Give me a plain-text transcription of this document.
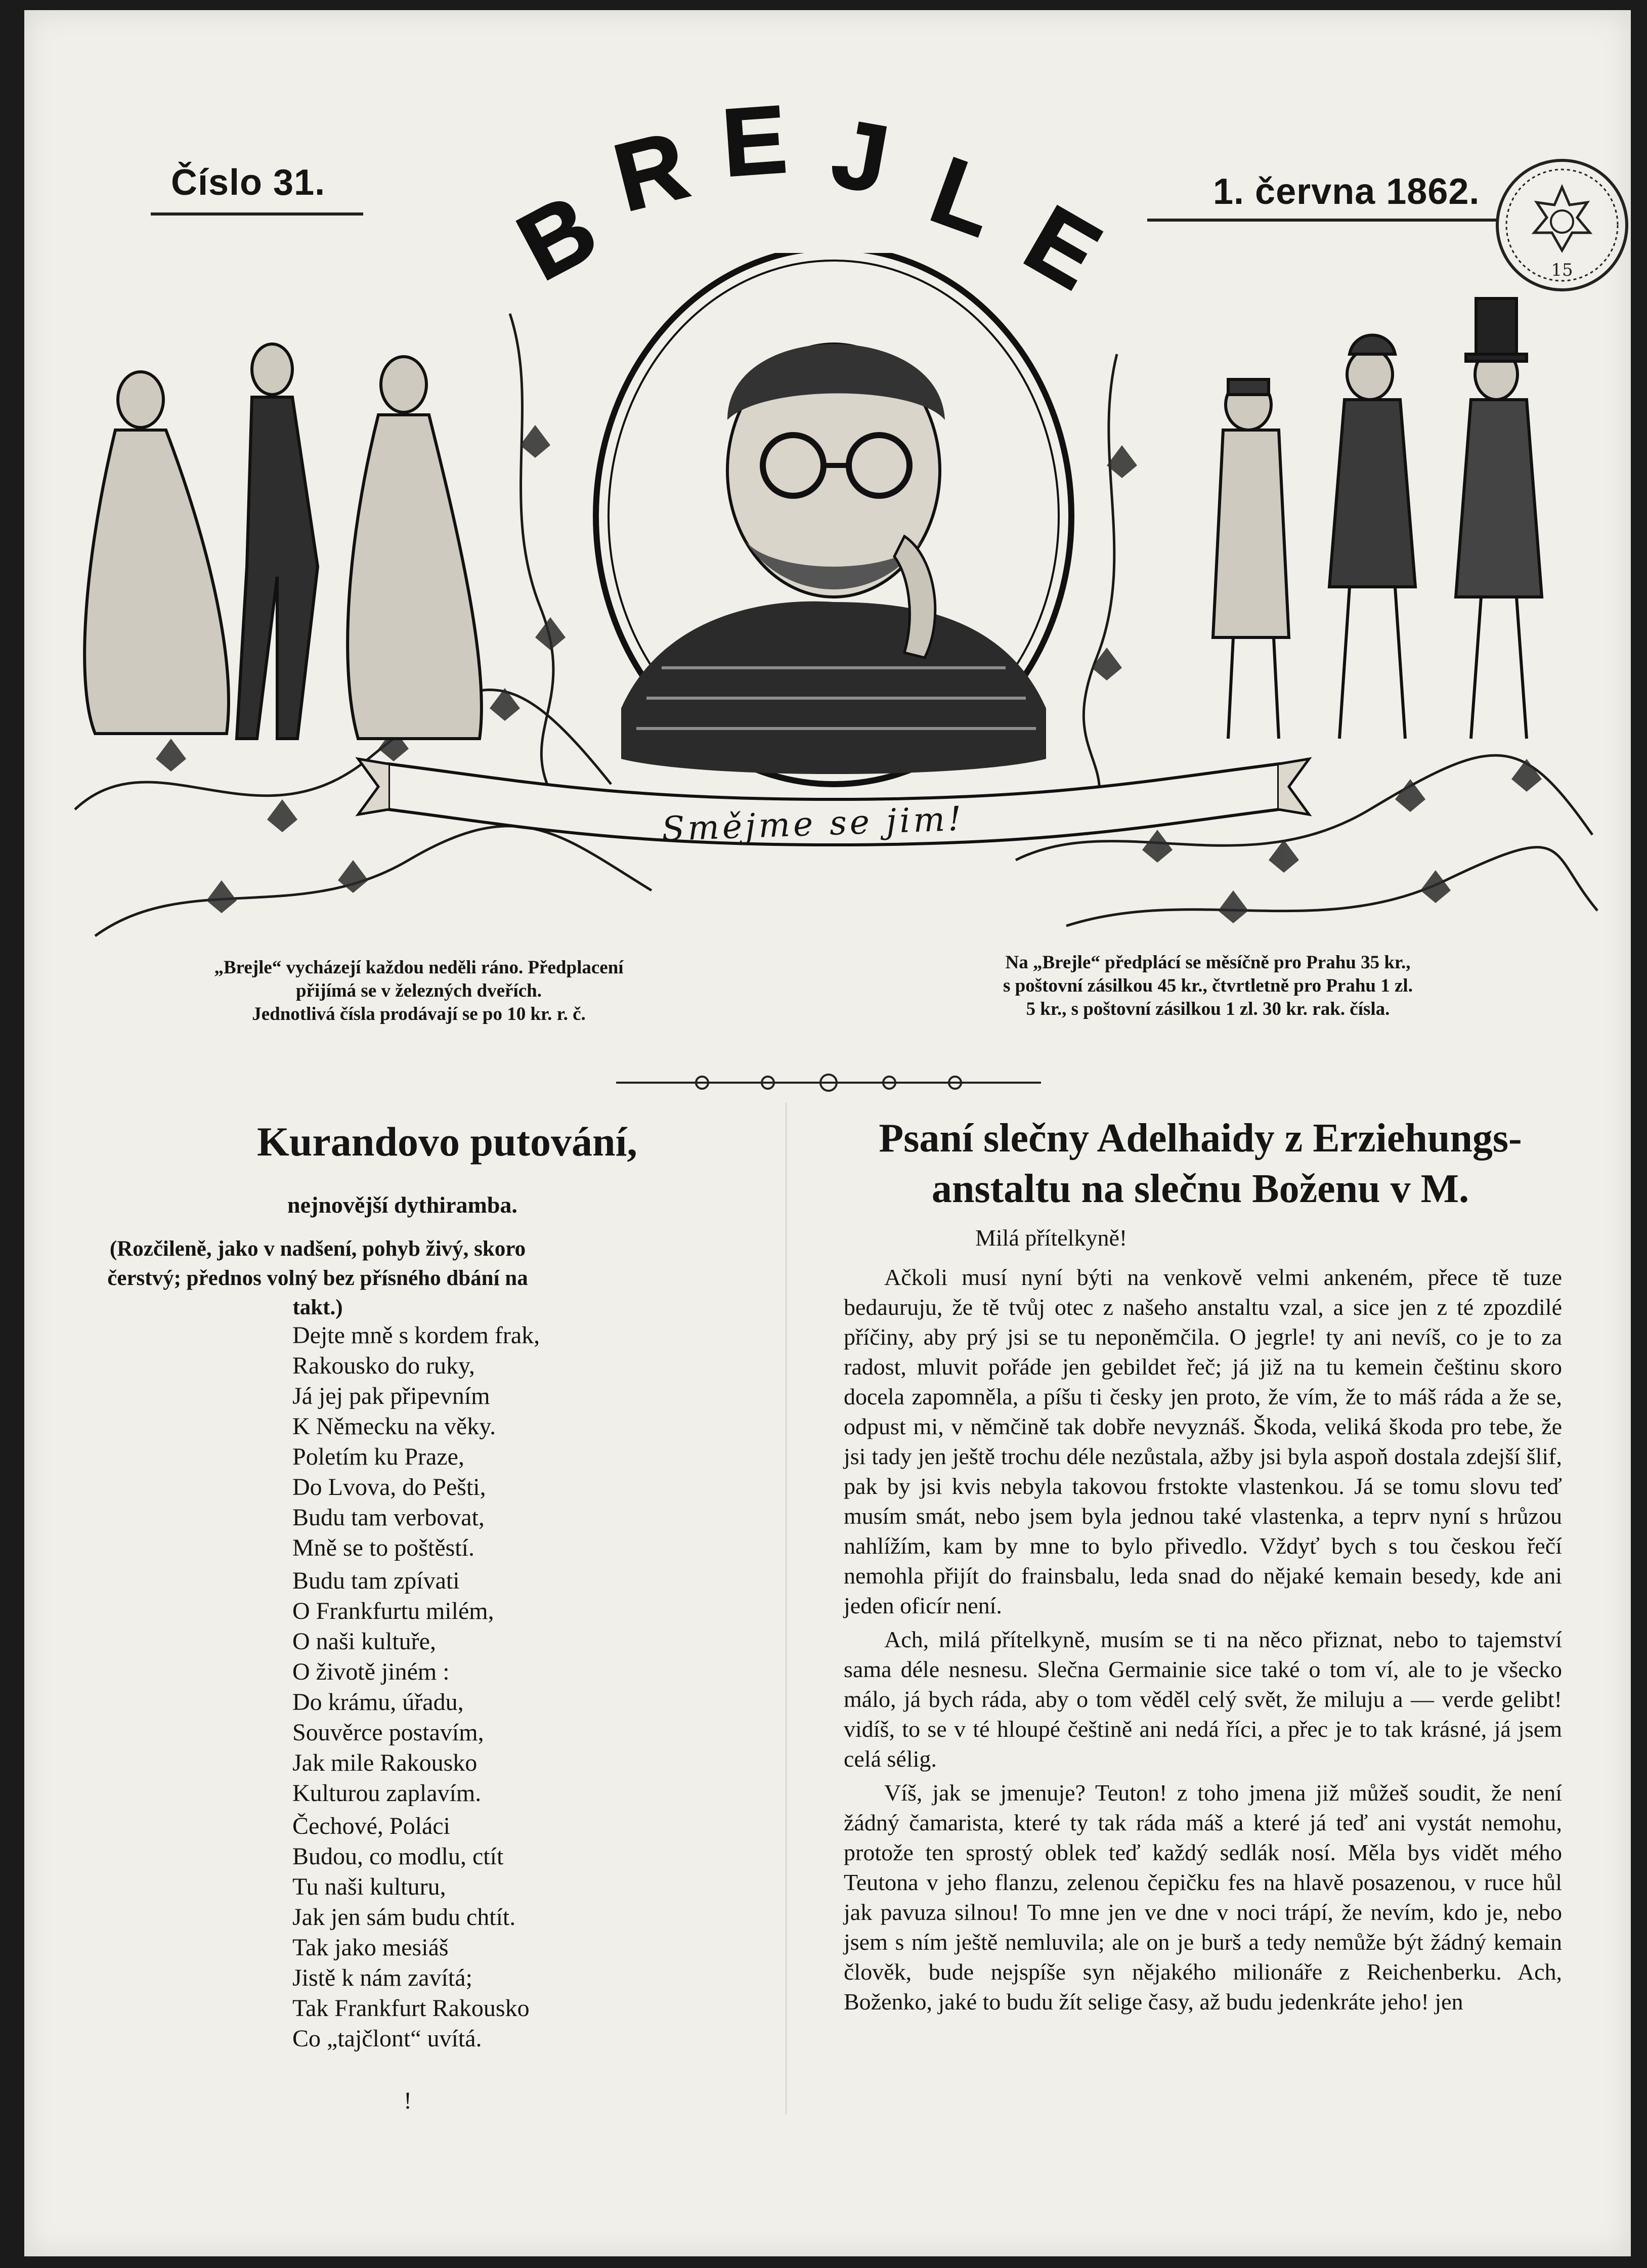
Číslo 31.	1. června 1862.
B
R E J L
E	15
Smějme se jim!
„Brejle“ vycházejí každou neděli ráno. Předplacení
přijímá se v železných dveřích.
Jednotlivá čísla prodávají se po 10 kr. r. č.
Na „Brejle“ předplácí se měsíčně pro Prahu 35 kr.,
s poštovní zásilkou 45 kr., čtvrtletně pro Prahu 1 zl.
5 kr., s poštovní zásilkou 1 zl. 30 kr. rak. čísla.
Kurandovo putování,
nejnovější dythiramba.
(Rozčileně, jako v nadšení, pohyb živý, skoro čerstvý; přednos volný bez přísného dbání na takt.)
Dejte mně s kordem frak,
Rakousko do ruky,
Já jej pak připevním
K Německu na věky.
Poletím ku Praze,
Do Lvova, do Pešti,
Budu tam verbovat,
Mně se to poštěstí.
Budu tam zpívati
O Frankfurtu milém,
O naši kultuře,
O životě jiném :
Do krámu, úřadu,
Souvěrce postavím,
Jak mile Rakousko
Kulturou zaplavím.
Čechové, Poláci
Budou, co modlu, ctít
Tu naši kulturu,
Jak jen sám budu chtít.
Tak jako mesiáš
Jistě k nám zavítá;
Tak Frankfurt Rakousko
Co „tajčlont“ uvítá.
!
Psaní slečny Adelhaidy z Erziehungs-anstaltu na slečnu Boženu v M.
Milá přítelkyně!

Ačkoli musí nyní býti na venkově velmi ankeném, přece tě tuze bedauruju, že tě tvůj otec z našeho anstaltu vzal, a sice jen z té zpozdilé příčiny, aby prý jsi se tu neponěmčila. O jegrle! ty ani nevíš, co je to za radost, mluvit pořáde jen gebildet řeč; já již na tu kemein češtinu skoro docela zapomněla, a píšu ti česky jen proto, že vím, že to máš ráda a že se, odpust mi, v němčině tak dobře nevyznáš. Škoda, veliká škoda pro tebe, že jsi tady jen ještě trochu déle nezůstala, ažby jsi byla aspoň dostala zdejší šlif, pak by jsi kvis nebyla takovou frstokte vlastenkou. Já se tomu slovu teď musím smát, nebo jsem byla jednou také vlastenka, a teprv nyní s hrůzou nahlížím, kam by mne to bylo přivedlo. Vždyť bych s tou českou řečí nemohla přijít do frainsbalu, leda snad do nějaké kemain besedy, kde ani jeden oficír není.

Ach, milá přítelkyně, musím se ti na něco přiznat, nebo to tajemství sama déle nesnesu. Slečna Germainie sice také o tom ví, ale to je všecko málo, já bych ráda, aby o tom věděl celý svět, že miluju a — verde gelibt! vidíš, to se v té hloupé češtině ani nedá říci, a přec je to tak krásné, já jsem celá sélig.

Víš, jak se jmenuje? Teuton! z toho jmena již můžeš soudit, že není žádný čamarista, které ty tak ráda máš a které já teď ani vystát nemohu, protože ten sprostý oblek teď každý sedlák nosí. Měla bys vidět mého Teutona v jeho flanzu, zelenou čepičku fes na hlavě posazenou, v ruce hůl jak pavuza silnou! To mne jen ve dne v noci trápí, že nevím, kdo je, nebo jsem s ním ještě nemluvila; ale on je burš a tedy nemůže být žádný kemain člověk, bude nejspíše syn nějakého milionáře z Reichenberku. Ach, Boženko, jaké to budu žít selige časy, až budu jedenkráte jeho! jen
